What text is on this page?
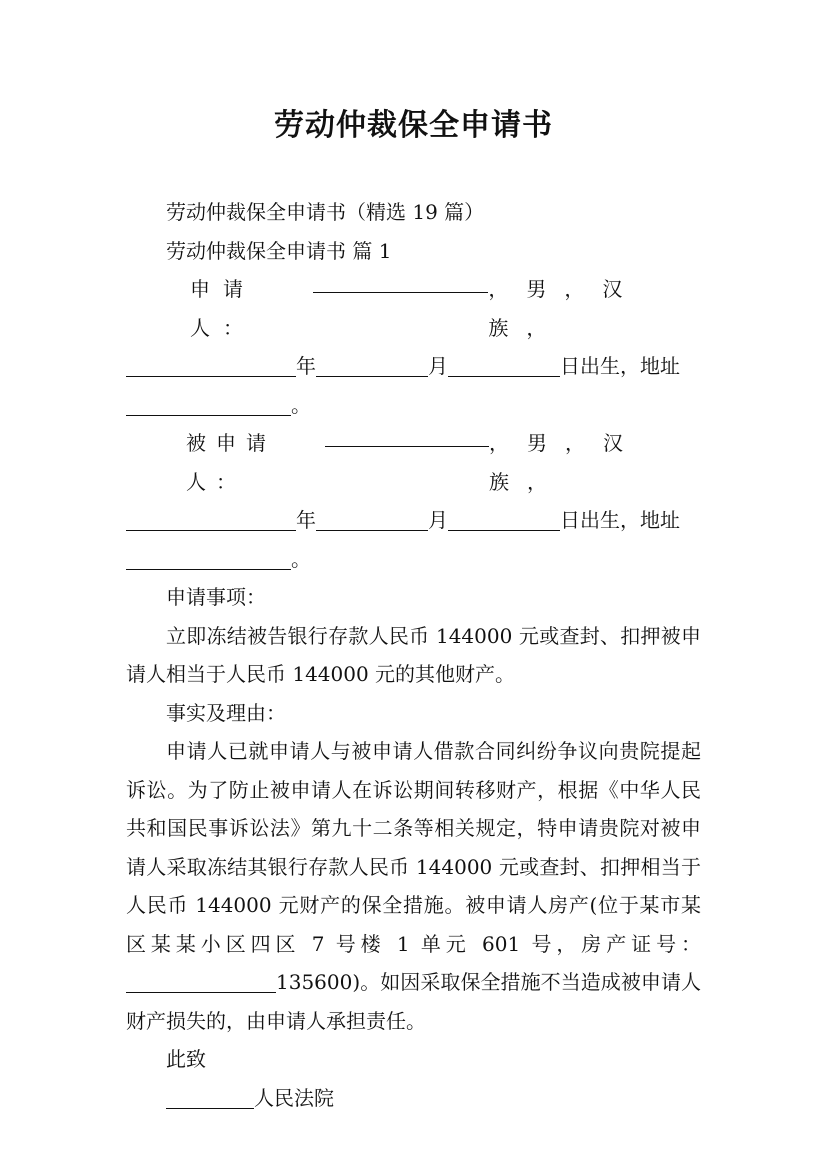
劳动仲裁保全申请书

劳动仲裁保全申请书（精选 19 篇）

劳动仲裁保全申请书 篇 1

申请人：
，男，汉族，
年	月	日出生，地址
。
被申请人：
，男，汉族，
年	月	日出生，地址
。

申请事项：

立即冻结被告银行存款人民币 144000 元或查封、扣押被申请人相当于人民币 144000 元的其他财产。

事实及理由：

申请人已就申请人与被申请人借款合同纠纷争议向贵院提起诉讼。为了防止被申请人在诉讼期间转移财产，根据《中华人民共和国民事诉讼法》第九十二条等相关规定，特申请贵院对被申请人采取冻结其银行存款人民币 144000 元或查封、扣押相当于人民币 144000 元财产的保全措施。被申请人房产(位于某市某区某某小区四区 7 号楼 1 单元 601 号，房产证号：135600)。如因采取保全措施不当造成被申请人财产损失的，由申请人承担责任。

此致

人民法院
